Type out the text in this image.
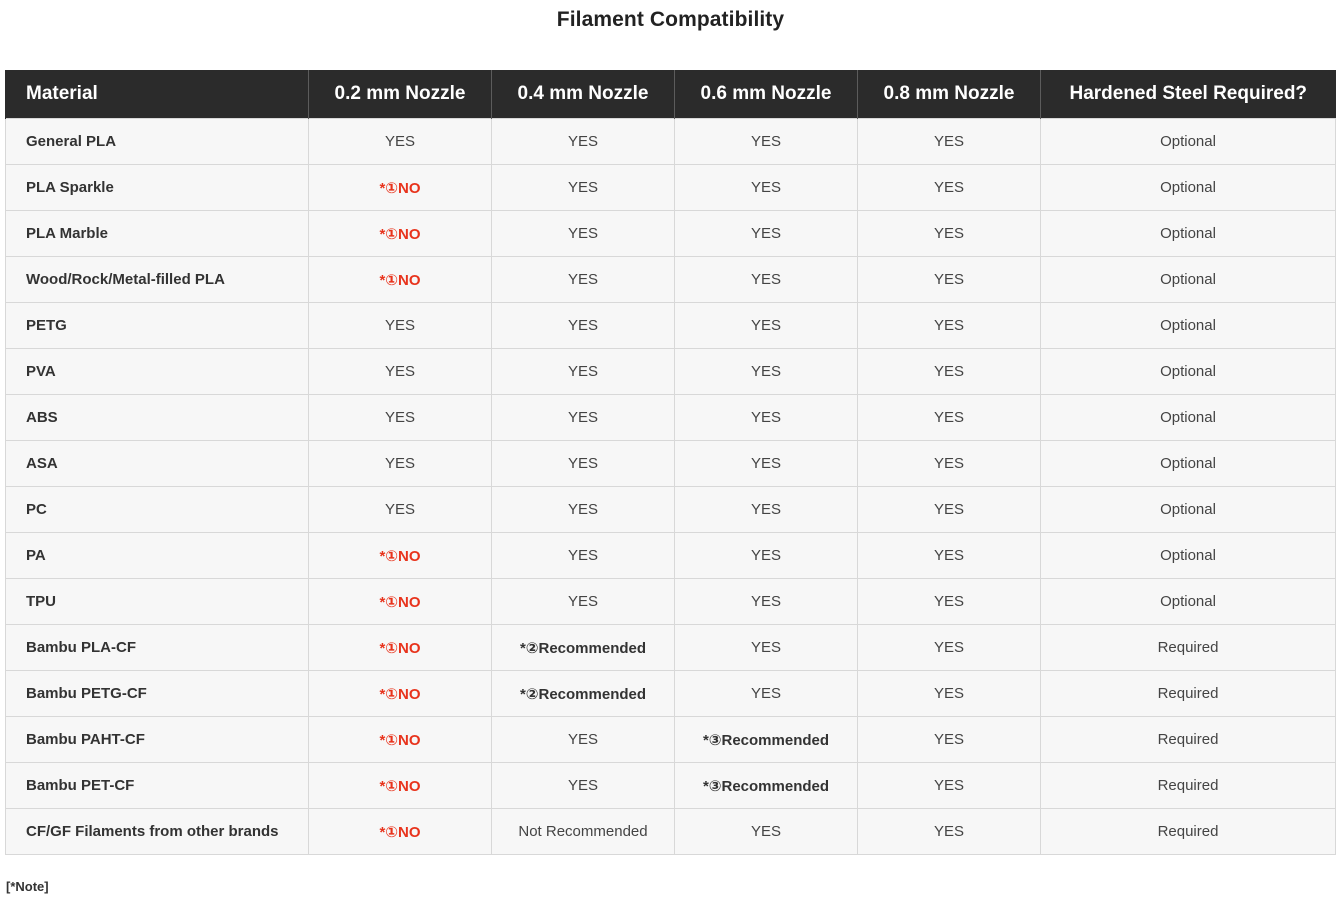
Filament Compatibility
Material	0.2 mm Nozzle	0.4 mm Nozzle	0.6 mm Nozzle	0.8 mm Nozzle	Hardened Steel Required?
General PLA	YES	YES	YES	YES	Optional
PLA Sparkle	*①NO	YES	YES	YES	Optional
PLA Marble	*①NO	YES	YES	YES	Optional
Wood/Rock/Metal-filled PLA	*①NO	YES	YES	YES	Optional
PETG	YES	YES	YES	YES	Optional
PVA	YES	YES	YES	YES	Optional
ABS	YES	YES	YES	YES	Optional
ASA	YES	YES	YES	YES	Optional
PC	YES	YES	YES	YES	Optional
PA	*①NO	YES	YES	YES	Optional
TPU	*①NO	YES	YES	YES	Optional
Bambu PLA-CF	*①NO	*②Recommended	YES	YES	Required
Bambu PETG-CF	*①NO	*②Recommended	YES	YES	Required
Bambu PAHT-CF	*①NO	YES	*③Recommended	YES	Required
Bambu PET-CF	*①NO	YES	*③Recommended	YES	Required
CF/GF Filaments from other brands	*①NO	Not Recommended	YES	YES	Required
[*Note]
